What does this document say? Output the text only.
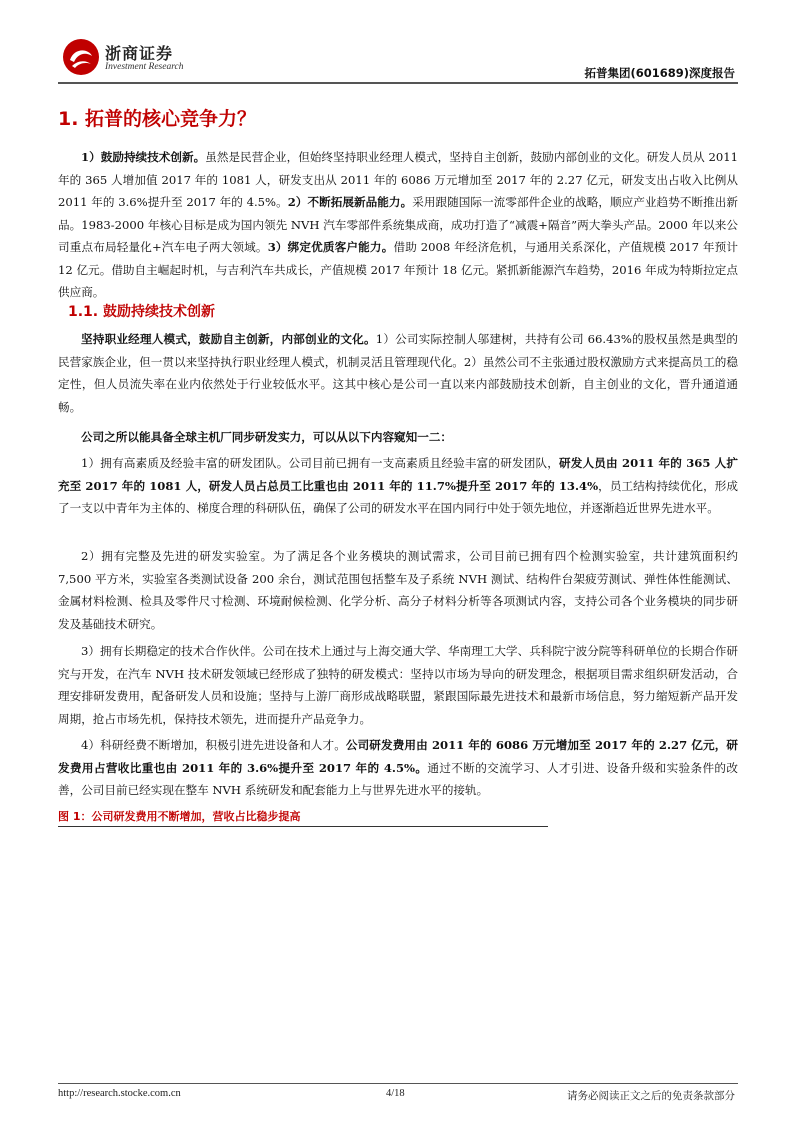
浙商证券
Investment Research	拓普集团(601689)深度报告
1. 拓普的核心竞争力？
1）鼓励持续技术创新。虽然是民营企业，但始终坚持职业经理人模式，坚持自主创新，鼓励内部创业的文化。研发人员从 2011 年的 365 人增加值 2017 年的 1081 人，研发支出从 2011 年的 6086 万元增加至 2017 年的 2.27 亿元，研发支出占收入比例从 2011 年的 3.6%提升至 2017 年的 4.5%。2）不断拓展新品能力。采用跟随国际一流零部件企业的战略，顺应产业趋势不断推出新品。1983-2000 年核心目标是成为国内领先 NVH 汽车零部件系统集成商，成功打造了“减震+隔音”两大拳头产品。2000 年以来公司重点布局轻量化+汽车电子两大领域。3）绑定优质客户能力。借助 2008 年经济危机，与通用关系深化，产值规模 2017 年预计 12 亿元。借助自主崛起时机，与吉利汽车共成长，产值规模 2017 年预计 18 亿元。紧抓新能源汽车趋势，2016 年成为特斯拉定点供应商。
1.1. 鼓励持续技术创新
坚持职业经理人模式，鼓励自主创新，内部创业的文化。1）公司实际控制人邬建树，共持有公司 66.43%的股权虽然是典型的民营家族企业，但一贯以来坚持执行职业经理人模式，机制灵活且管理现代化。2）虽然公司不主张通过股权激励方式来提高员工的稳定性，但人员流失率在业内依然处于行业较低水平。这其中核心是公司一直以来内部鼓励技术创新，自主创业的文化，晋升通道通畅。
公司之所以能具备全球主机厂同步研发实力，可以从以下内容窥知一二：
1）拥有高素质及经验丰富的研发团队。公司目前已拥有一支高素质且经验丰富的研发团队，研发人员由 2011 年的 365 人扩充至 2017 年的 1081 人，研发人员占总员工比重也由 2011 年的 11.7%提升至 2017 年的 13.4%，员工结构持续优化，形成了一支以中青年为主体的、梯度合理的科研队伍，确保了公司的研发水平在国内同行中处于领先地位，并逐渐趋近世界先进水平。
2）拥有完整及先进的研发实验室。为了满足各个业务模块的测试需求，公司目前已拥有四个检测实验室，共计建筑面积约 7,500 平方米，实验室各类测试设备 200 余台，测试范围包括整车及子系统 NVH 测试、结构件台架疲劳测试、弹性体性能测试、金属材料检测、检具及零件尺寸检测、环境耐候检测、化学分析、高分子材料分析等各项测试内容，支持公司各个业务模块的同步研发及基础技术研究。
3）拥有长期稳定的技术合作伙伴。公司在技术上通过与上海交通大学、华南理工大学、兵科院宁波分院等科研单位的长期合作研究与开发，在汽车 NVH 技术研发领域已经形成了独特的研发模式：坚持以市场为导向的研发理念，根据项目需求组织研发活动，合理安排研发费用，配备研发人员和设施；坚持与上游厂商形成战略联盟，紧跟国际最先进技术和最新市场信息，努力缩短新产品开发周期，抢占市场先机，保持技术领先，进而提升产品竞争力。
4）科研经费不断增加，积极引进先进设备和人才。公司研发费用由 2011 年的 6086 万元增加至 2017 年的 2.27 亿元，研发费用占营收比重也由 2011 年的 3.6%提升至 2017 年的 4.5%。通过不断的交流学习、人才引进、设备升级和实验条件的改善，公司目前已经实现在整车 NVH 系统研发和配套能力上与世界先进水平的接轨。
图 1：公司研发费用不断增加，营收占比稳步提高
http://research.stocke.com.cn	4/18	请务必阅读正文之后的免责条款部分
